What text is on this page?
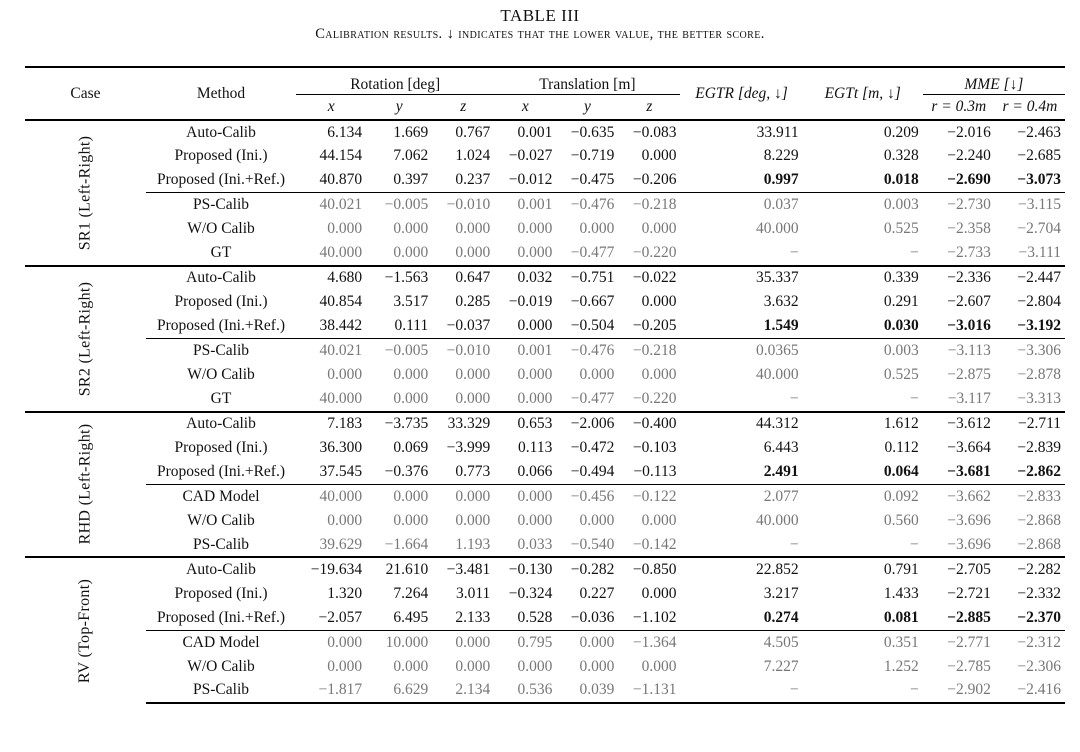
TABLE III
Calibration results. ↓ indicates that the lower value, the better score.
Case	Method	Rotation [deg]			Translation [m]			EGTR [deg, ↓]	EGTt [m, ↓]	MME [↓]	
		x	y	z	x	y	z			r = 0.3m	r = 0.4m
SR1 (Left-Right)	Auto-Calib	6.134	1.669	0.767	0.001	−0.635	−0.083	33.911	0.209	−2.016	−2.463
	Proposed (Ini.)	44.154	7.062	1.024	−0.027	−0.719	0.000	8.229	0.328	−2.240	−2.685
	Proposed (Ini.+Ref.)	40.870	0.397	0.237	−0.012	−0.475	−0.206	0.997	0.018	−2.690	−3.073
	PS-Calib	40.021	−0.005	−0.010	0.001	−0.476	−0.218	0.037	0.003	−2.730	−3.115
	W/O Calib	0.000	0.000	0.000	0.000	0.000	0.000	40.000	0.525	−2.358	−2.704
	GT	40.000	0.000	0.000	0.000	−0.477	−0.220	−	−	−2.733	−3.111
SR2 (Left-Right)	Auto-Calib	4.680	−1.563	0.647	0.032	−0.751	−0.022	35.337	0.339	−2.336	−2.447
	Proposed (Ini.)	40.854	3.517	0.285	−0.019	−0.667	0.000	3.632	0.291	−2.607	−2.804
	Proposed (Ini.+Ref.)	38.442	0.111	−0.037	0.000	−0.504	−0.205	1.549	0.030	−3.016	−3.192
	PS-Calib	40.021	−0.005	−0.010	0.001	−0.476	−0.218	0.0365	0.003	−3.113	−3.306
	W/O Calib	0.000	0.000	0.000	0.000	0.000	0.000	40.000	0.525	−2.875	−2.878
	GT	40.000	0.000	0.000	0.000	−0.477	−0.220	−	−	−3.117	−3.313
RHD (Left-Right)	Auto-Calib	7.183	−3.735	33.329	0.653	−2.006	−0.400	44.312	1.612	−3.612	−2.711
	Proposed (Ini.)	36.300	0.069	−3.999	0.113	−0.472	−0.103	6.443	0.112	−3.664	−2.839
	Proposed (Ini.+Ref.)	37.545	−0.376	0.773	0.066	−0.494	−0.113	2.491	0.064	−3.681	−2.862
	CAD Model	40.000	0.000	0.000	0.000	−0.456	−0.122	2.077	0.092	−3.662	−2.833
	W/O Calib	0.000	0.000	0.000	0.000	0.000	0.000	40.000	0.560	−3.696	−2.868
	PS-Calib	39.629	−1.664	1.193	0.033	−0.540	−0.142	−	−	−3.696	−2.868
RV (Top-Front)	Auto-Calib	−19.634	21.610	−3.481	−0.130	−0.282	−0.850	22.852	0.791	−2.705	−2.282
	Proposed (Ini.)	1.320	7.264	3.011	−0.324	0.227	0.000	3.217	1.433	−2.721	−2.332
	Proposed (Ini.+Ref.)	−2.057	6.495	2.133	0.528	−0.036	−1.102	0.274	0.081	−2.885	−2.370
	CAD Model	0.000	10.000	0.000	0.795	0.000	−1.364	4.505	0.351	−2.771	−2.312
	W/O Calib	0.000	0.000	0.000	0.000	0.000	0.000	7.227	1.252	−2.785	−2.306
	PS-Calib	−1.817	6.629	2.134	0.536	0.039	−1.131	−	−	−2.902	−2.416
